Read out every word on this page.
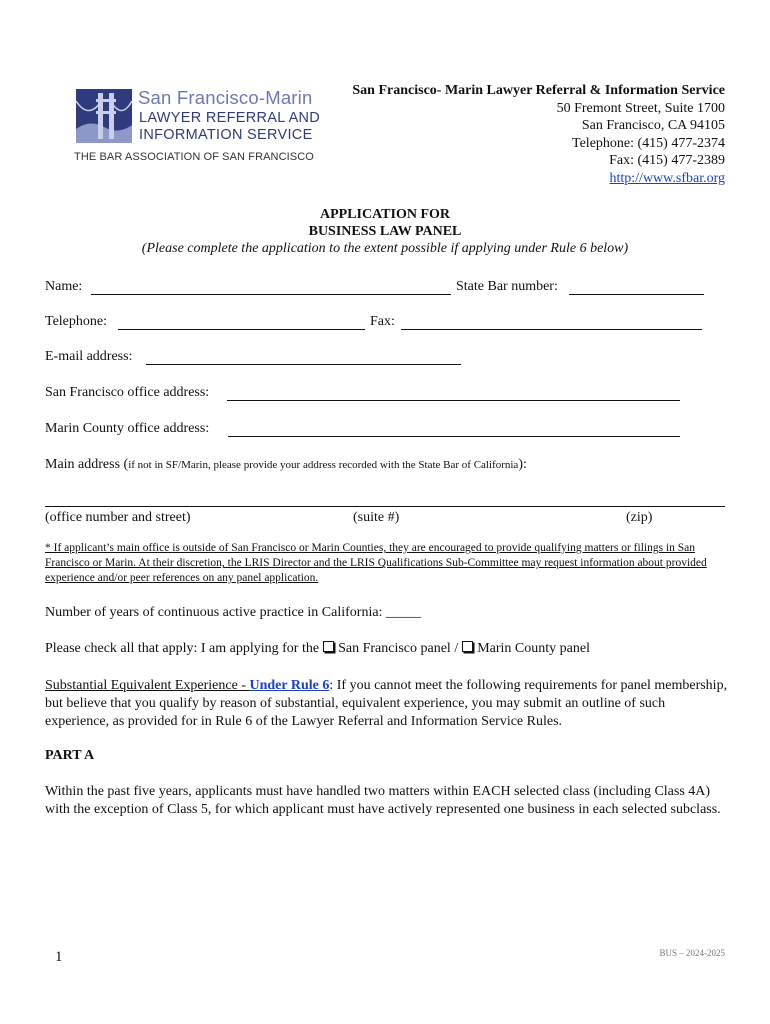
San Francisco-Marin
LAWYER REFERRAL AND
INFORMATION SERVICE
THE BAR ASSOCIATION OF SAN FRANCISCO
San Francisco- Marin Lawyer Referral & Information Service
50 Fremont Street, Suite 1700
San Francisco, CA 94105
Telephone: (415) 477-2374
Fax: (415) 477-2389
http://www.sfbar.org
APPLICATION FOR
BUSINESS LAW PANEL
(Please complete the application to the extent possible if applying under Rule 6 below)
Name:	State Bar number:
Telephone:	Fax:
E-mail address:
San Francisco office address:
Marin County office address:
Main address (if not in SF/Marin, please provide your address recorded with the State Bar of California):
(office number and street)	(suite #)	(zip)
* If applicant’s main office is outside of San Francisco or Marin Counties, they are encouraged to provide qualifying matters or filings in San Francisco or Marin. At their discretion, the LRIS Director and the LRIS Qualifications Sub-Committee may request information about provided experience and/or peer references on any panel application.
Number of years of continuous active practice in California: _____
Please check all that apply: I am applying for the San Francisco panel / Marin County panel
Substantial Equivalent Experience - Under Rule 6: If you cannot meet the following requirements for panel membership, but believe that you qualify by reason of substantial, equivalent experience, you may submit an outline of such experience, as provided for in Rule 6 of the Lawyer Referral and Information Service Rules.
PART A
Within the past five years, applicants must have handled two matters within EACH selected class (including Class 4A) with the exception of Class 5, for which applicant must have actively represented one business in each selected subclass.
1	BUS – 2024-2025
